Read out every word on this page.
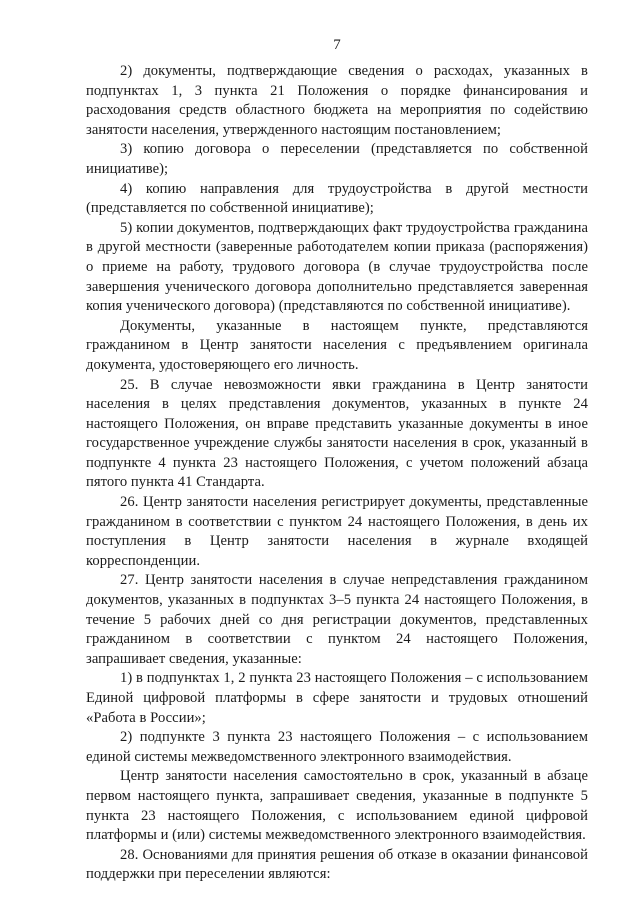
7

2) документы, подтверждающие сведения о расходах, указанных в подпунктах 1, 3 пункта 21 Положения о порядке финансирования и расходования средств областного бюджета на мероприятия по содействию занятости населения, утвержденного настоящим постановлением;

3) копию договора о переселении (представляется по собственной инициативе);

4) копию направления для трудоустройства в другой местности (представляется по собственной инициативе);

5) копии документов, подтверждающих факт трудоустройства гражданина в другой местности (заверенные работодателем копии приказа (распоряжения) о приеме на работу, трудового договора (в случае трудоустройства после завершения ученического договора дополнительно представляется заверенная копия ученического договора) (представляются по собственной инициативе).

Документы, указанные в настоящем пункте, представляются гражданином в Центр занятости населения с предъявлением оригинала документа, удостоверяющего его личность.

25. В случае невозможности явки гражданина в Центр занятости населения в целях представления документов, указанных в пункте 24 настоящего Положения, он вправе представить указанные документы в иное государственное учреждение службы занятости населения в срок, указанный в подпункте 4 пункта 23 настоящего Положения, с учетом положений абзаца пятого пункта 41 Стандарта.

26. Центр занятости населения регистрирует документы, представленные гражданином в соответствии с пунктом 24 настоящего Положения, в день их поступления в Центр занятости населения в журнале входящей корреспонденции.

27. Центр занятости населения в случае непредставления гражданином документов, указанных в подпунктах 3–5 пункта 24 настоящего Положения, в течение 5 рабочих дней со дня регистрации документов, представленных гражданином в соответствии с пунктом 24 настоящего Положения, запрашивает сведения, указанные:

1) в подпунктах 1, 2 пункта 23 настоящего Положения – с использованием Единой цифровой платформы в сфере занятости и трудовых отношений «Работа в России»;

2) подпункте 3 пункта 23 настоящего Положения – с использованием единой системы межведомственного электронного взаимодействия.

Центр занятости населения самостоятельно в срок, указанный в абзаце первом настоящего пункта, запрашивает сведения, указанные в подпункте 5 пункта 23 настоящего Положения, с использованием единой цифровой платформы и (или) системы межведомственного электронного взаимодействия.

28. Основаниями для принятия решения об отказе в оказании финансовой поддержки при переселении являются:
